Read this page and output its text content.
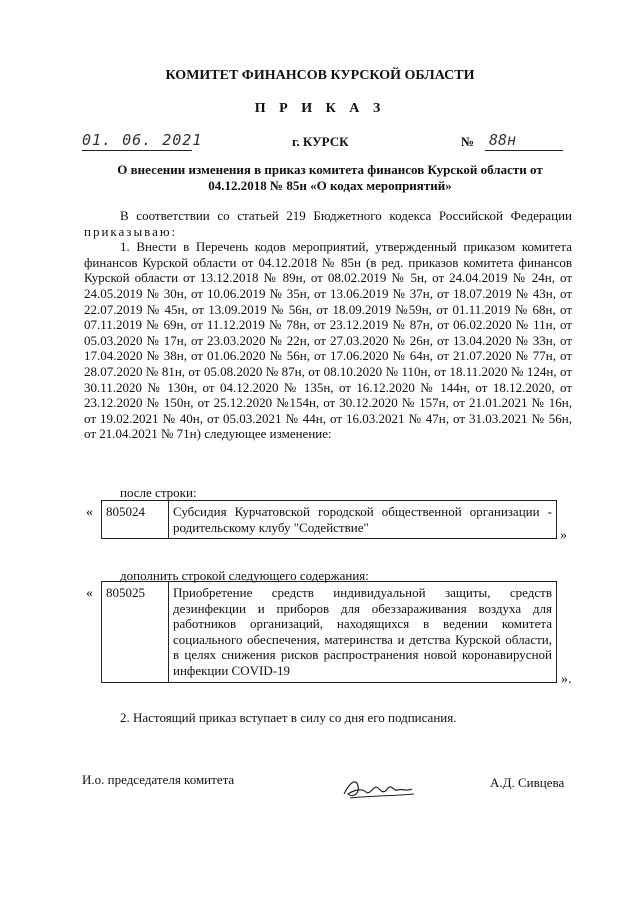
КОМИТЕТ ФИНАНСОВ КУРСКОЙ ОБЛАСТИ
П Р И К А З
01. 06. 2021	г. КУРСК	№ 88н
О внесении изменения в приказ комитета финансов Курской области от 04.12.2018 № 85н «О кодах мероприятий»

В соответствии со статьей 219 Бюджетного кодекса Российской Федерации приказываю:

1. Внести в Перечень кодов мероприятий, утвержденный приказом комитета финансов Курской области от 04.12.2018 № 85н (в ред. приказов комитета финансов Курской области от 13.12.2018 № 89н, от 08.02.2019 № 5н, от 24.04.2019 № 24н, от 24.05.2019 № 30н, от 10.06.2019 № 35н, от 13.06.2019 № 37н, от 18.07.2019 № 43н, от 22.07.2019 № 45н, от 13.09.2019 № 56н, от 18.09.2019 №59н, от 01.11.2019 № 68н, от 07.11.2019 № 69н, от 11.12.2019 № 78н, от 23.12.2019 № 87н, от 06.02.2020 № 11н, от 05.03.2020 № 17н, от 23.03.2020 № 22н, от 27.03.2020 № 26н, от 13.04.2020 № 33н, от 17.04.2020 № 38н, от 01.06.2020 № 56н, от 17.06.2020 № 64н, от 21.07.2020 № 77н, от 28.07.2020 № 81н, от 05.08.2020 № 87н, от 08.10.2020 № 110н, от 18.11.2020 № 124н, от 30.11.2020 № 130н, от 04.12.2020 № 135н, от 16.12.2020 № 144н, от 18.12.2020, от 23.12.2020 № 150н, от 25.12.2020 №154н, от 30.12.2020 № 157н, от 21.01.2021 № 16н, от 19.02.2021 № 40н, от 05.03.2021 № 44н, от 16.03.2021 № 47н, от 31.03.2021 № 56н, от 21.04.2021 № 71н) следующее изменение:

после строки:
« 805024	Субсидия Курчатовской городской общественной организации - родительскому клубу "Содействие"
»
дополнить строкой следующего содержания:
« 805025	Приобретение средств индивидуальной защиты, средств дезинфекции и приборов для обеззараживания воздуха для работников организаций, находящихся в ведении комитета социального обеспечения, материнства и детства Курской области, в целях снижения рисков распространения новой коронавирусной инфекции COVID-19
».
2. Настоящий приказ вступает в силу со дня его подписания.
И.о. председателя комитета	А.Д. Сивцева
